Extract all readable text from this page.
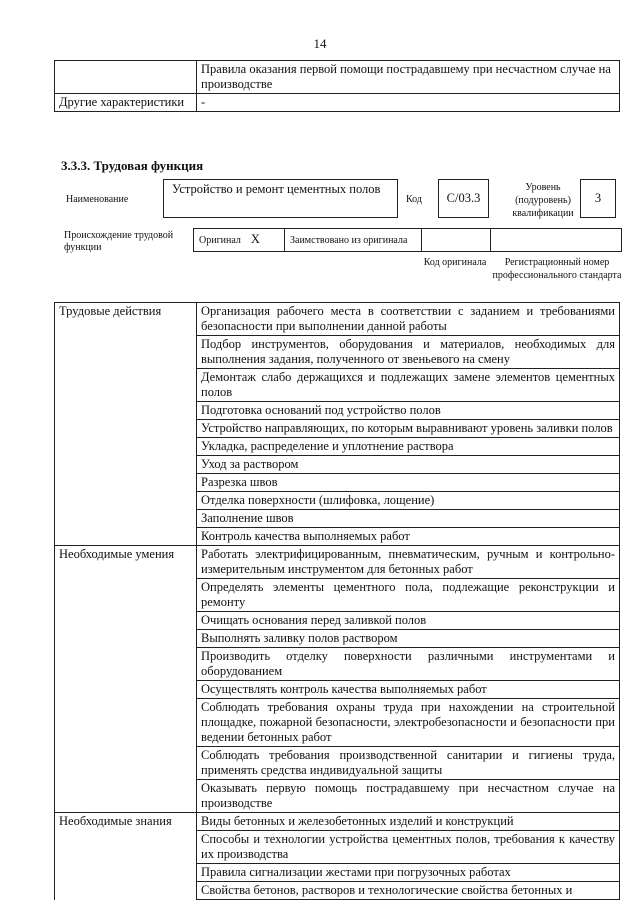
14
	Правила оказания первой помощи пострадавшему при несчастном случае на производстве
Другие характеристики	-
3.3.3. Трудовая функция
Наименование
Устройство и ремонт цементных полов
Код	С/03.3
Уровень (подуровень) квалификации
3
Происхождение трудовой функции
Оригинал X	Заимствовано из оригинала		
Код оригинала	Регистрационный номер профессионального стандарта
Трудовые действия	Организация рабочего места в соответствии с заданием и требованиями безопасности при выполнении данной работы
	Подбор инструментов, оборудования и материалов, необходимых для выполнения задания, полученного от звеньевого на смену
	Демонтаж слабо держащихся и подлежащих замене элементов цементных полов
	Подготовка оснований под устройство полов
	Устройство направляющих, по которым выравнивают уровень заливки полов
	Укладка, распределение и уплотнение раствора
	Уход за раствором
	Разрезка швов
	Отделка поверхности (шлифовка, лощение)
	Заполнение швов
	Контроль качества выполняемых работ
Необходимые умения	Работать электрифицированным, пневматическим, ручным и контрольно-измерительным инструментом для бетонных работ
	Определять элементы цементного пола, подлежащие реконструкции и ремонту
	Очищать основания перед заливкой полов
	Выполнять заливку полов раствором
	Производить отделку поверхности различными инструментами и оборудованием
	Осуществлять контроль качества выполняемых работ
	Соблюдать требования охраны труда при нахождении на строительной площадке, пожарной безопасности, электробезопасности и безопасности при ведении бетонных работ
	Соблюдать требования производственной санитарии и гигиены труда, применять средства индивидуальной защиты
	Оказывать первую помощь пострадавшему при несчастном случае на производстве
Необходимые знания	Виды бетонных и железобетонных изделий и конструкций
	Способы и технологии устройства цементных полов, требования к качеству их производства
	Правила сигнализации жестами при погрузочных работах
	Свойства бетонов, растворов и технологические свойства бетонных и
